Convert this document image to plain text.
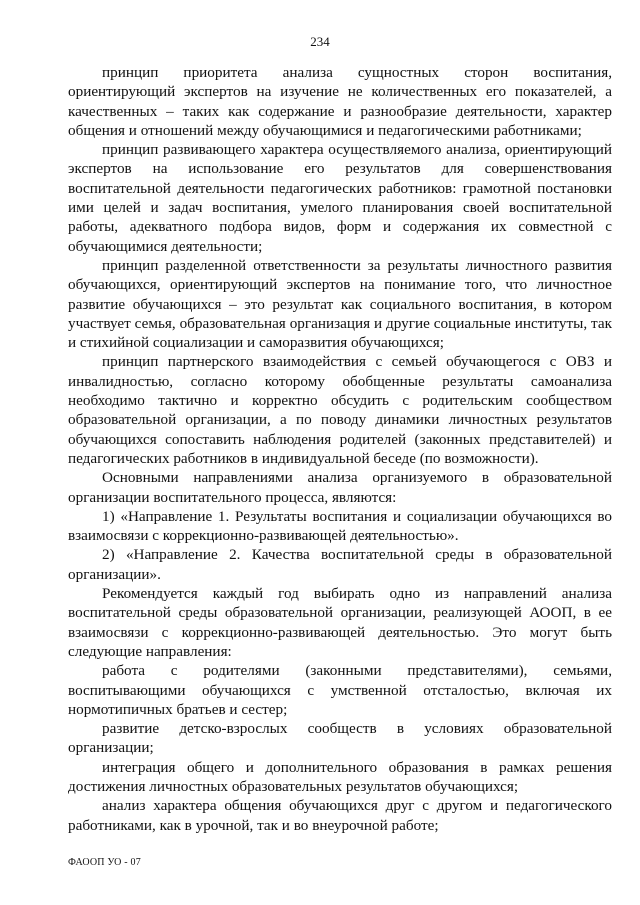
234

принцип приоритета анализа сущностных сторон воспитания, ориентирующий экспертов на изучение не количественных его показателей, а качественных – таких как содержание и разнообразие деятельности, характер общения и отношений между обучающимися и педагогическими работниками;

принцип развивающего характера осуществляемого анализа, ориентирующий экспертов на использование его результатов для совершенствования воспитательной деятельности педагогических работников: грамотной постановки ими целей и задач воспитания, умелого планирования своей воспитательной работы, адекватного подбора видов, форм и содержания их совместной с обучающимися деятельности;

принцип разделенной ответственности за результаты личностного развития обучающихся, ориентирующий экспертов на понимание того, что личностное развитие обучающихся – это результат как социального воспитания, в котором участвует семья, образовательная организация и другие социальные институты, так и стихийной социализации и саморазвития обучающихся;

принцип партнерского взаимодействия с семьей обучающегося с ОВЗ и инвалидностью, согласно которому обобщенные результаты самоанализа необходимо тактично и корректно обсудить с родительским сообществом образовательной организации, а по поводу динамики личностных результатов обучающихся сопоставить наблюдения родителей (законных представителей) и педагогических работников в индивидуальной беседе (по возможности).

Основными направлениями анализа организуемого в образовательной организации воспитательного процесса, являются:

1) «Направление 1. Результаты воспитания и социализации обучающихся во взаимосвязи с коррекционно-развивающей деятельностью».

2) «Направление 2. Качества воспитательной среды в образовательной организации».

Рекомендуется каждый год выбирать одно из направлений анализа воспитательной среды образовательной организации, реализующей АООП, в ее взаимосвязи с коррекционно-развивающей деятельностью. Это могут быть следующие направления:

работа с родителями (законными представителями), семьями, воспитывающими обучающихся с умственной отсталостью, включая их нормотипичных братьев и сестер;

развитие детско-взрослых сообществ в условиях образовательной организации;

интеграция общего и дополнительного образования в рамках решения достижения личностных образовательных результатов обучающихся;

анализ характера общения обучающихся друг с другом и педагогического работниками, как в урочной, так и во внеурочной работе;

ФАООП УО - 07
